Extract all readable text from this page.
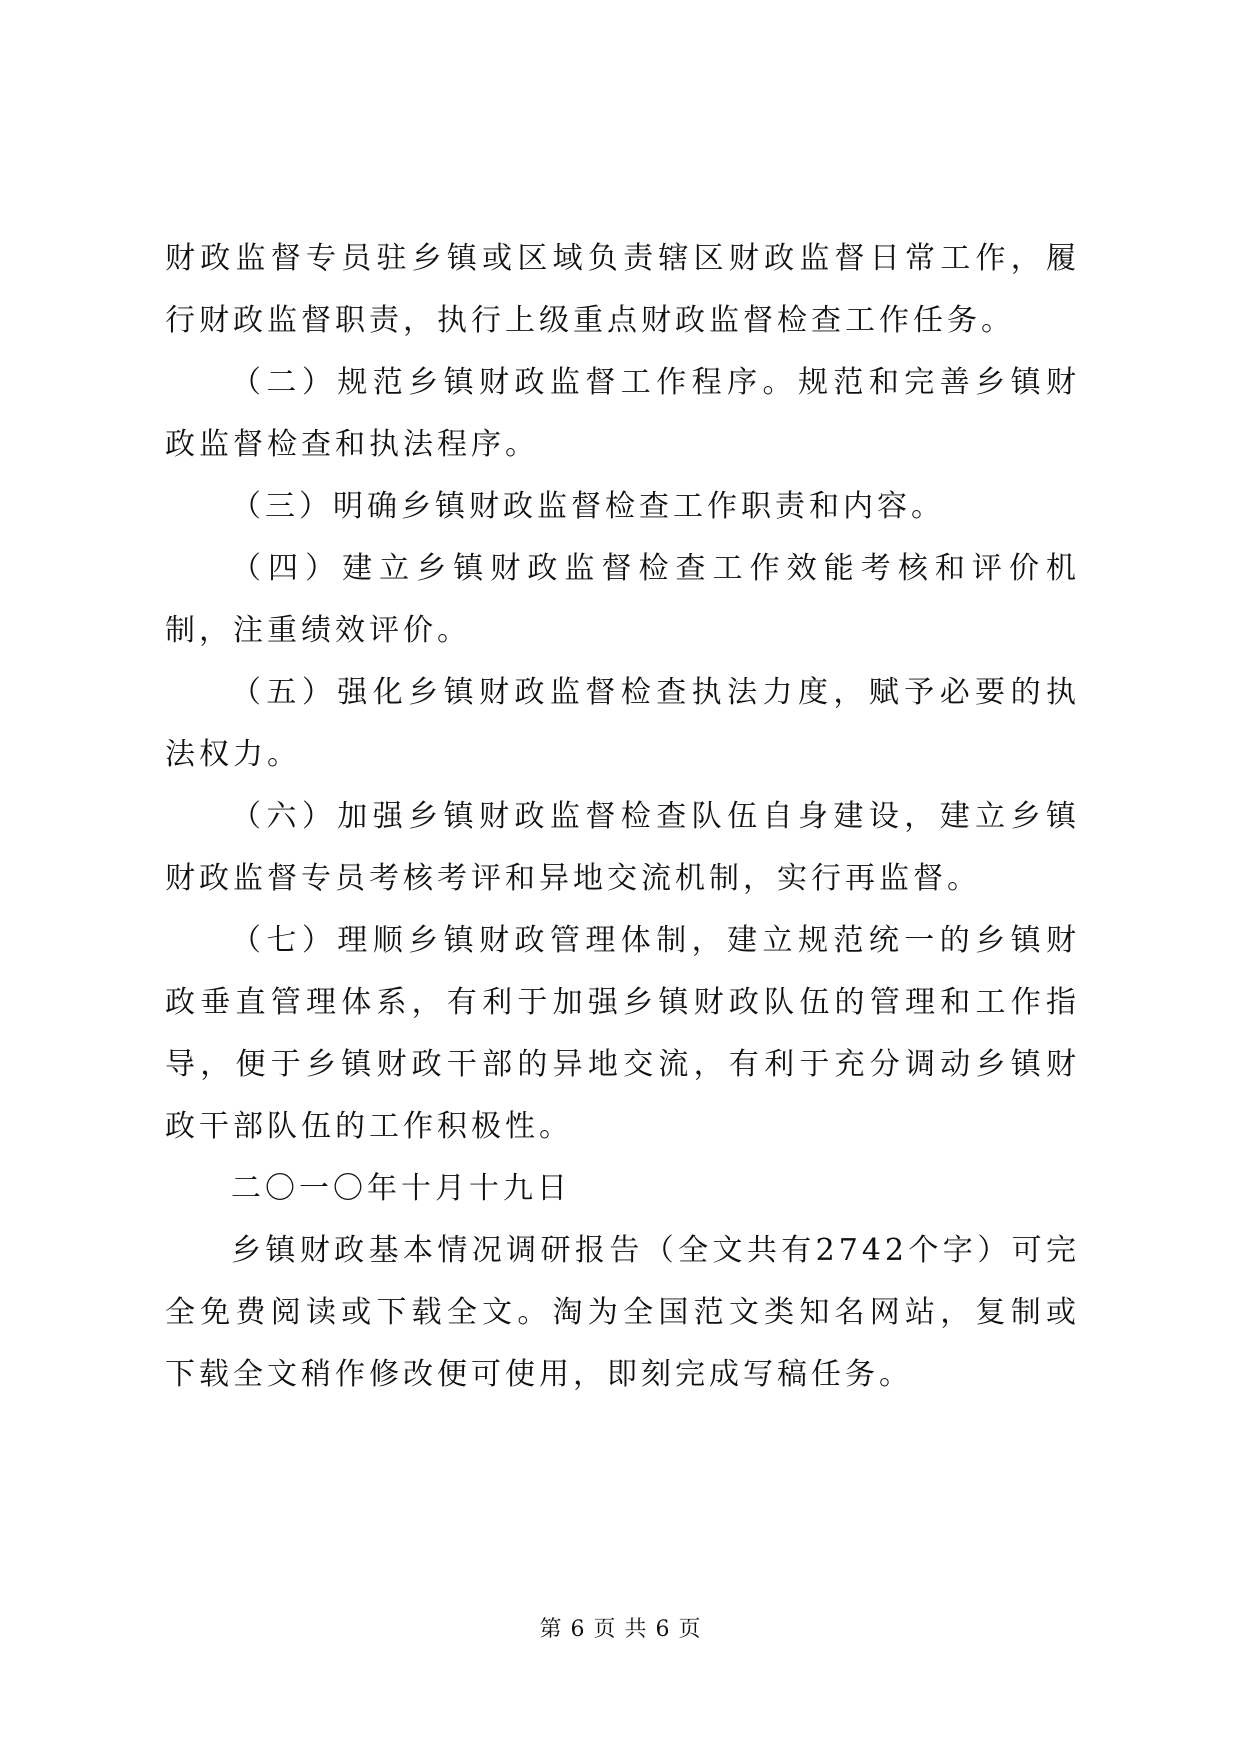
财政监督专员驻乡镇或区域负责辖区财政监督日常工作，履行财政监督职责，执行上级重点财政监督检查工作任务。

（二）规范乡镇财政监督工作程序。规范和完善乡镇财政监督检查和执法程序。

（三）明确乡镇财政监督检查工作职责和内容。

（四）建立乡镇财政监督检查工作效能考核和评价机制，注重绩效评价。

（五）强化乡镇财政监督检查执法力度，赋予必要的执法权力。

（六）加强乡镇财政监督检查队伍自身建设，建立乡镇财政监督专员考核考评和异地交流机制，实行再监督。

（七）理顺乡镇财政管理体制，建立规范统一的乡镇财政垂直管理体系，有利于加强乡镇财政队伍的管理和工作指导，便于乡镇财政干部的异地交流，有利于充分调动乡镇财政干部队伍的工作积极性。

二〇一〇年十月十九日

乡镇财政基本情况调研报告（全文共有2742个字）可完全免费阅读或下载全文。淘为全国范文类知名网站，复制或下载全文稍作修改便可使用，即刻完成写稿任务。

第 6 页 共 6 页
